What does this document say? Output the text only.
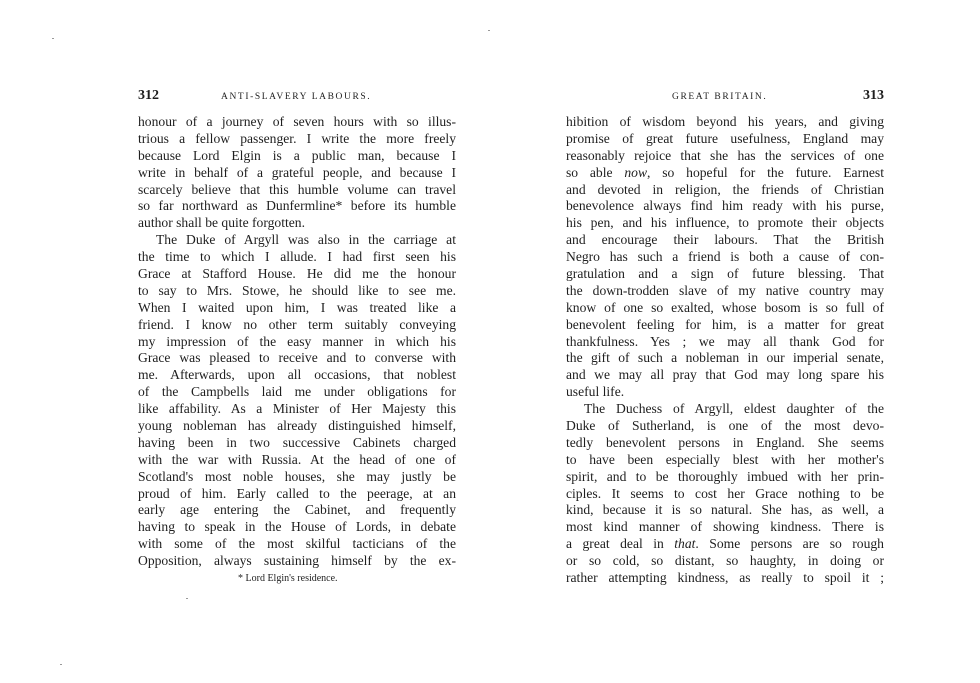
312	ANTI-SLAVERY LABOURS.
honour of a journey of seven hours with so illus-
trious a fellow passenger. I write the more freely
because Lord Elgin is a public man, because I
write in behalf of a grateful people, and because I
scarcely believe that this humble volume can travel
so far northward as Dunfermline* before its humble
author shall be quite forgotten.
The Duke of Argyll was also in the carriage at
the time to which I allude. I had first seen his
Grace at Stafford House. He did me the honour
to say to Mrs. Stowe, he should like to see me.
When I waited upon him, I was treated like a
friend. I know no other term suitably conveying
my impression of the easy manner in which his
Grace was pleased to receive and to converse with
me. Afterwards, upon all occasions, that noblest
of the Campbells laid me under obligations for
like affability. As a Minister of Her Majesty this
young nobleman has already distinguished himself,
having been in two successive Cabinets charged
with the war with Russia. At the head of one of
Scotland's most noble houses, she may justly be
proud of him. Early called to the peerage, at an
early age entering the Cabinet, and frequently
having to speak in the House of Lords, in debate
with some of the most skilful tacticians of the
Opposition, always sustaining himself by the ex-
* Lord Elgin's residence.
GREAT BRITAIN.	313
hibition of wisdom beyond his years, and giving
promise of great future usefulness, England may
reasonably rejoice that she has the services of one
so able now, so hopeful for the future. Earnest
and devoted in religion, the friends of Christian
benevolence always find him ready with his purse,
his pen, and his influence, to promote their objects
and encourage their labours. That the British
Negro has such a friend is both a cause of con-
gratulation and a sign of future blessing. That
the down-trodden slave of my native country may
know of one so exalted, whose bosom is so full of
benevolent feeling for him, is a matter for great
thankfulness. Yes ; we may all thank God for
the gift of such a nobleman in our imperial senate,
and we may all pray that God may long spare his
useful life.
The Duchess of Argyll, eldest daughter of the
Duke of Sutherland, is one of the most devo-
tedly benevolent persons in England. She seems
to have been especially blest with her mother's
spirit, and to be thoroughly imbued with her prin-
ciples. It seems to cost her Grace nothing to be
kind, because it is so natural. She has, as well, a
most kind manner of showing kindness. There is
a great deal in that. Some persons are so rough
or so cold, so distant, so haughty, in doing or
rather attempting kindness, as really to spoil it ;
